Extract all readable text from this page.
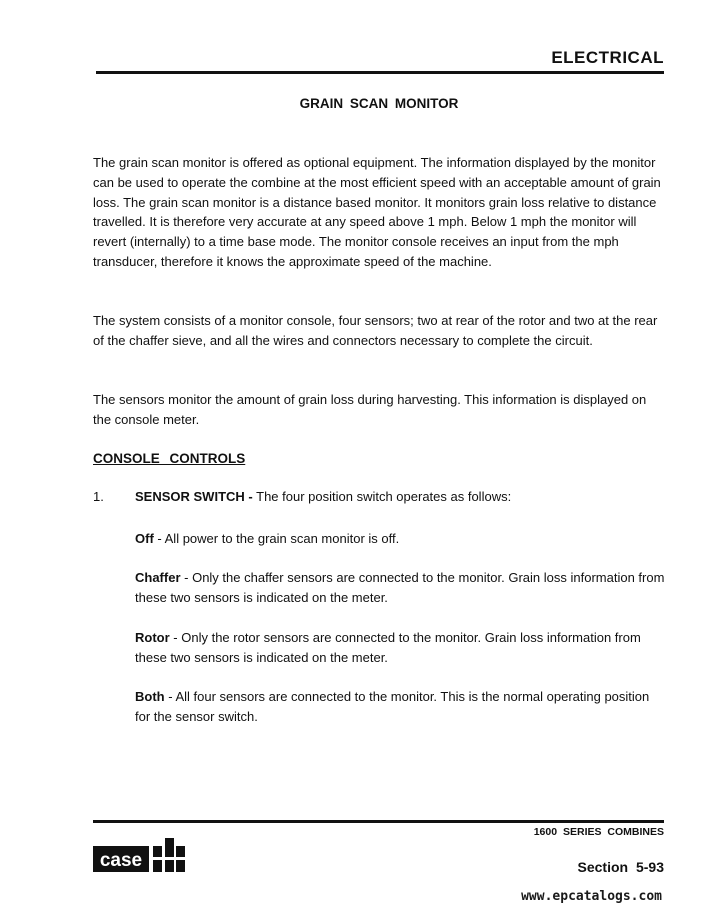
ELECTRICAL
GRAIN SCAN MONITOR
The grain scan monitor is offered as optional equipment. The information displayed by the monitor can be used to operate the combine at the most efficient speed with an acceptable amount of grain loss. The grain scan monitor is a distance based monitor. It monitors grain loss relative to distance travelled. It is therefore very accurate at any speed above 1 mph. Below 1 mph the monitor will revert (internally) to a time base mode. The monitor console receives an input from the mph transducer, therefore it knows the approximate speed of the machine.
The system consists of a monitor console, four sensors; two at rear of the rotor and two at the rear of the chaffer sieve, and all the wires and connectors necessary to complete the circuit.
The sensors monitor the amount of grain loss during harvesting. This information is displayed on the console meter.
CONSOLE CONTROLS
1. SENSOR SWITCH - The four position switch operates as follows:
Off - All power to the grain scan monitor is off.
Chaffer - Only the chaffer sensors are connected to the monitor. Grain loss information from these two sensors is indicated on the meter.
Rotor - Only the rotor sensors are connected to the monitor. Grain loss information from these two sensors is indicated on the meter.
Both - All four sensors are connected to the monitor. This is the normal operating position for the sensor switch.
1600 SERIES COMBINES
case	Section 5-93
www.epcatalogs.com
